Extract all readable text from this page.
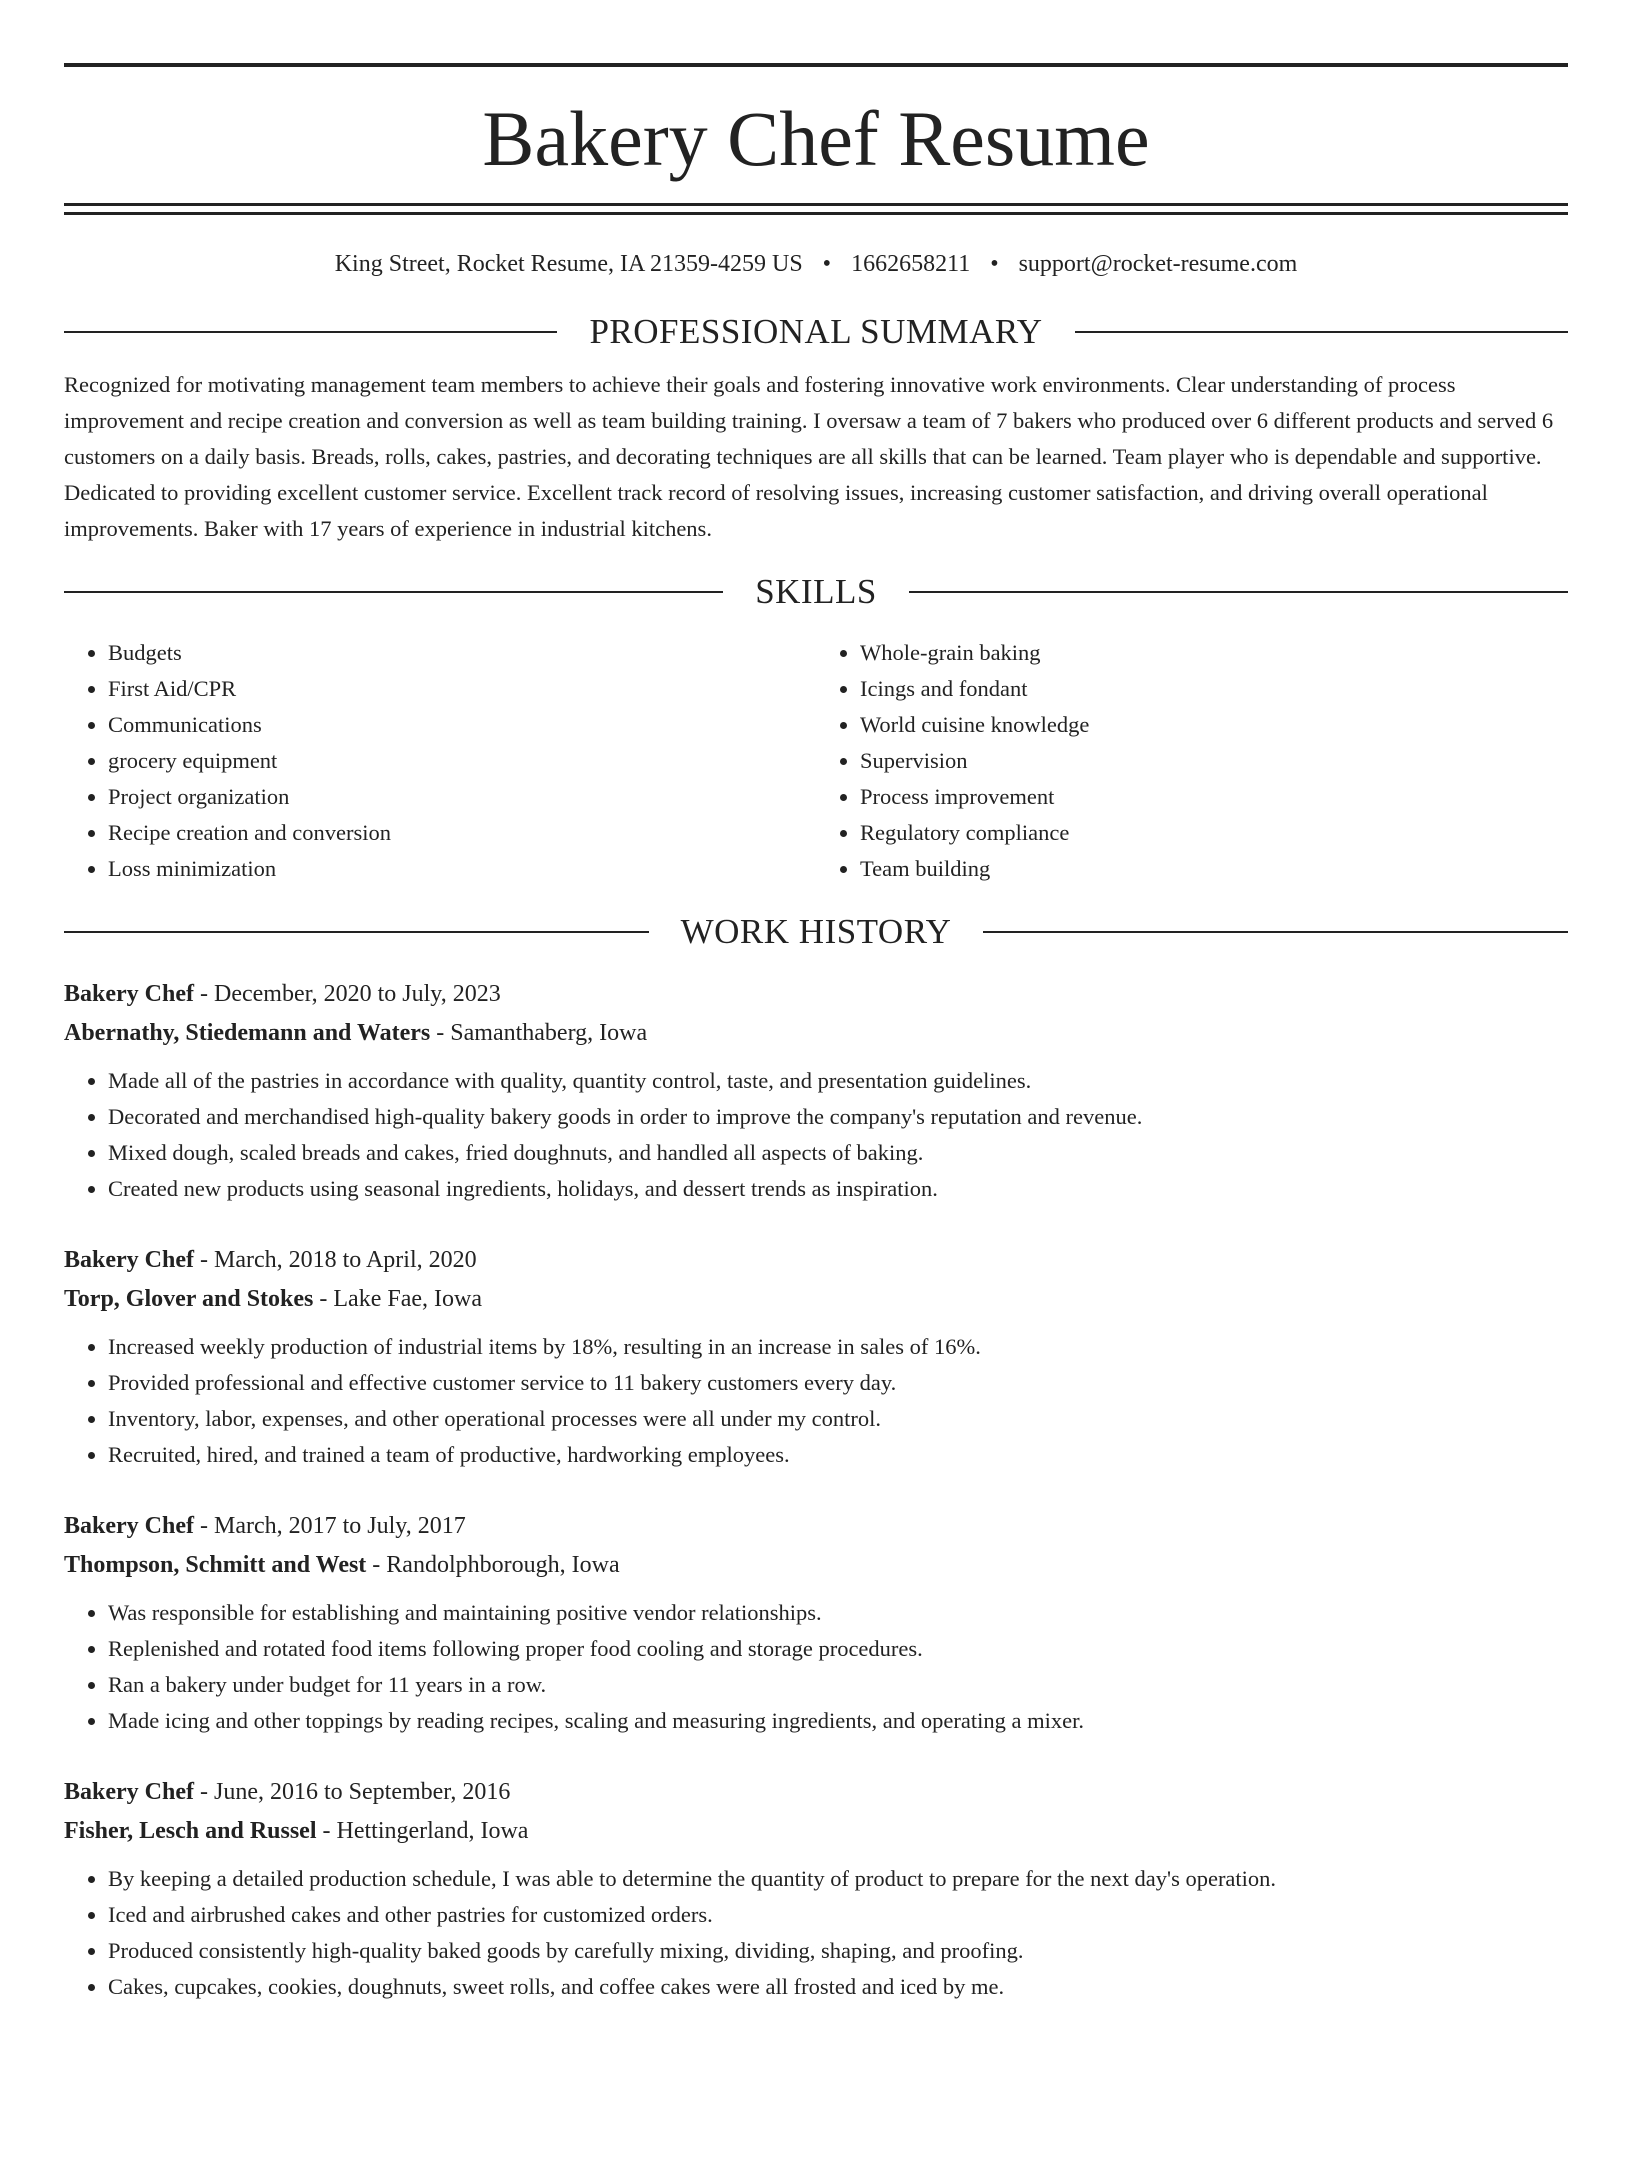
Bakery Chef Resume
King Street, Rocket Resume, IA 21359-4259 US • 1662658211 • support@rocket-resume.com
PROFESSIONAL SUMMARY

Recognized for motivating management team members to achieve their goals and fostering innovative work environments. Clear understanding of process improvement and recipe creation and conversion as well as team building training. I oversaw a team of 7 bakers who produced over 6 different products and served 6 customers on a daily basis. Breads, rolls, cakes, pastries, and decorating techniques are all skills that can be learned. Team player who is dependable and supportive. Dedicated to providing excellent customer service. Excellent track record of resolving issues, increasing customer satisfaction, and driving overall operational improvements. Baker with 17 years of experience in industrial kitchens.

SKILLS
• Budgets
• First Aid/CPR
• Communications
• grocery equipment
• Project organization
• Recipe creation and conversion
• Loss minimization
• Whole-grain baking
• Icings and fondant
• World cuisine knowledge
• Supervision
• Process improvement
• Regulatory compliance
• Team building
WORK HISTORY
Bakery Chef - December, 2020 to July, 2023
Abernathy, Stiedemann and Waters - Samanthaberg, Iowa
• Made all of the pastries in accordance with quality, quantity control, taste, and presentation guidelines.
• Decorated and merchandised high-quality bakery goods in order to improve the company's reputation and revenue.
• Mixed dough, scaled breads and cakes, fried doughnuts, and handled all aspects of baking.
• Created new products using seasonal ingredients, holidays, and dessert trends as inspiration.
Bakery Chef - March, 2018 to April, 2020
Torp, Glover and Stokes - Lake Fae, Iowa
• Increased weekly production of industrial items by 18%, resulting in an increase in sales of 16%.
• Provided professional and effective customer service to 11 bakery customers every day.
• Inventory, labor, expenses, and other operational processes were all under my control.
• Recruited, hired, and trained a team of productive, hardworking employees.
Bakery Chef - March, 2017 to July, 2017
Thompson, Schmitt and West - Randolphborough, Iowa
• Was responsible for establishing and maintaining positive vendor relationships.
• Replenished and rotated food items following proper food cooling and storage procedures.
• Ran a bakery under budget for 11 years in a row.
• Made icing and other toppings by reading recipes, scaling and measuring ingredients, and operating a mixer.
Bakery Chef - June, 2016 to September, 2016
Fisher, Lesch and Russel - Hettingerland, Iowa
• By keeping a detailed production schedule, I was able to determine the quantity of product to prepare for the next day's operation.
• Iced and airbrushed cakes and other pastries for customized orders.
• Produced consistently high-quality baked goods by carefully mixing, dividing, shaping, and proofing.
• Cakes, cupcakes, cookies, doughnuts, sweet rolls, and coffee cakes were all frosted and iced by me.
